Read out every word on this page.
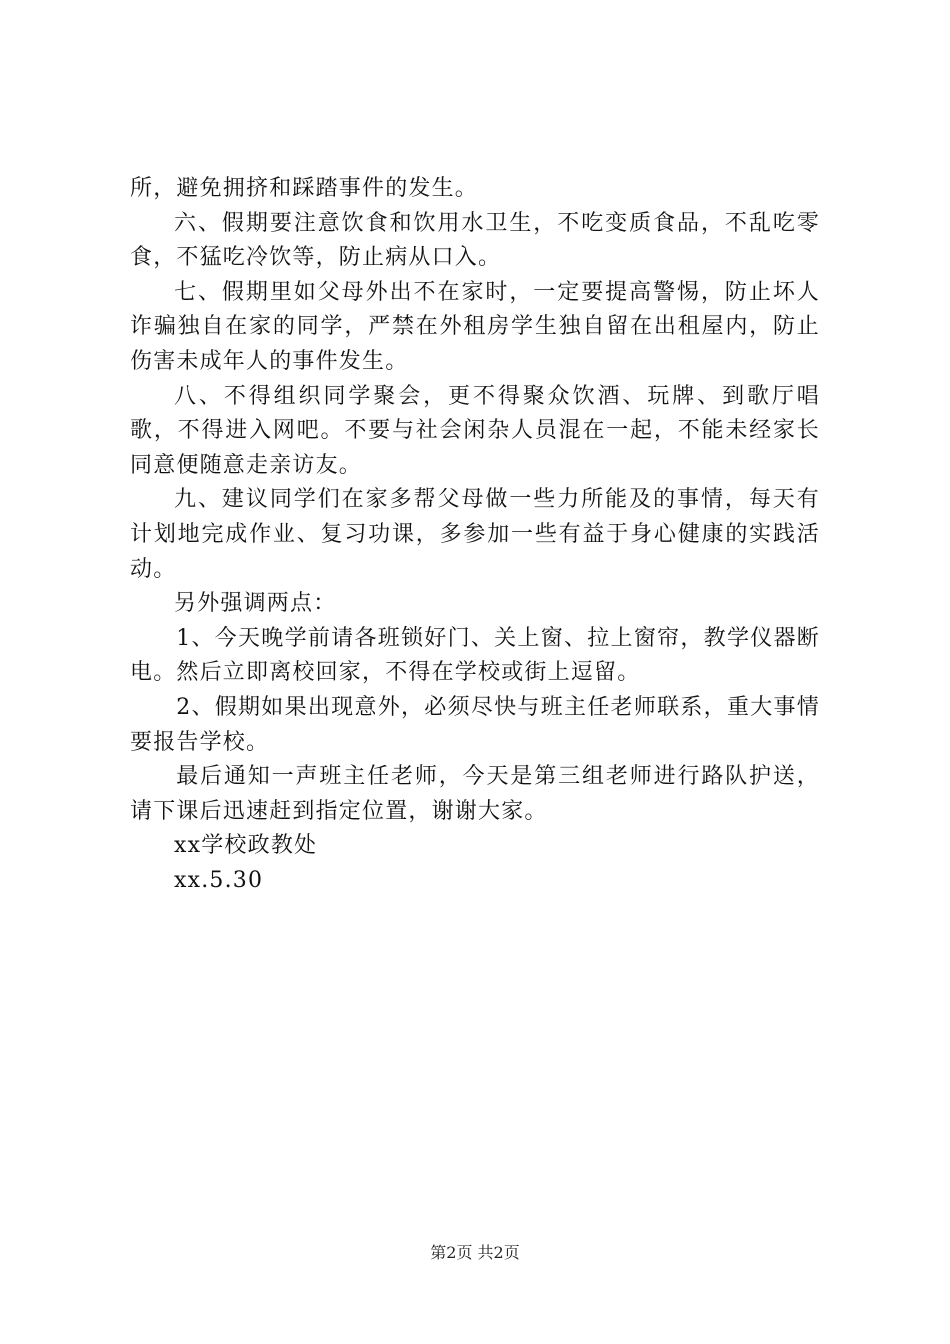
所，避免拥挤和踩踏事件的发生。

六、假期要注意饮食和饮用水卫生，不吃变质食品，不乱吃零食，不猛吃冷饮等，防止病从口入。

七、假期里如父母外出不在家时，一定要提高警惕，防止坏人诈骗独自在家的同学，严禁在外租房学生独自留在出租屋内，防止伤害未成年人的事件发生。

八、不得组织同学聚会，更不得聚众饮酒、玩牌、到歌厅唱歌，不得进入网吧。不要与社会闲杂人员混在一起，不能未经家长同意便随意走亲访友。

九、建议同学们在家多帮父母做一些力所能及的事情，每天有计划地完成作业、复习功课，多参加一些有益于身心健康的实践活动。

另外强调两点：

1、今天晚学前请各班锁好门、关上窗、拉上窗帘，教学仪器断电。然后立即离校回家，不得在学校或街上逗留。

2、假期如果出现意外，必须尽快与班主任老师联系，重大事情要报告学校。

最后通知一声班主任老师，今天是第三组老师进行路队护送，请下课后迅速赶到指定位置，谢谢大家。

xx学校政教处

xx.5.30

第2页 共2页
